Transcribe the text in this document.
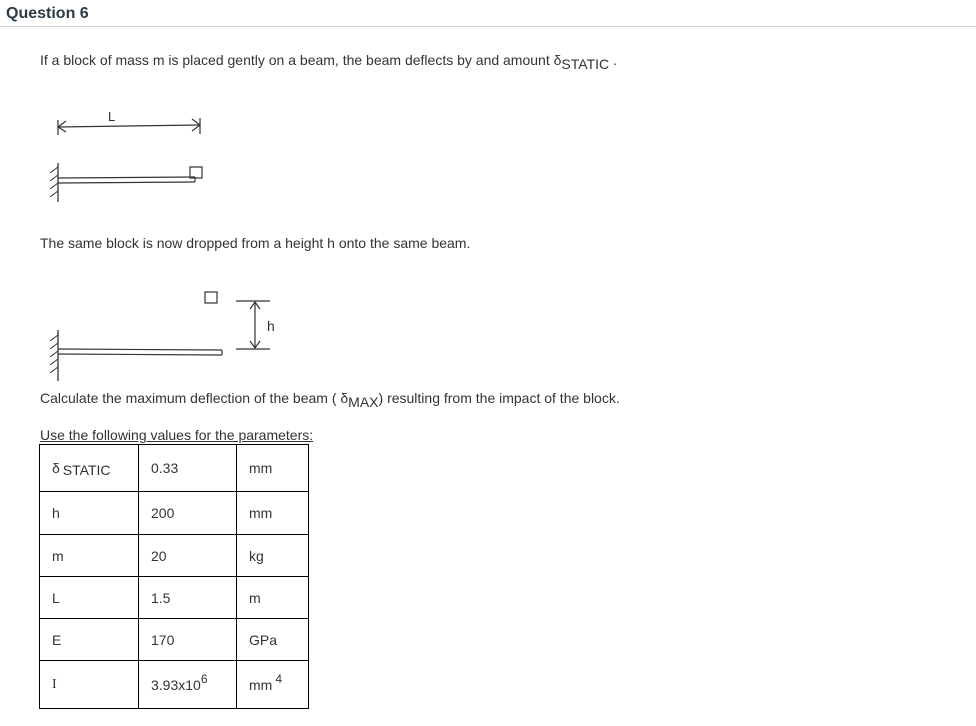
Question 6
If a block of mass m is placed gently on a beam, the beam deflects by and amount δSTATIC .
L
The same block is now dropped from a height h onto the same beam.
h
Calculate the maximum deflection of the beam ( δMAX) resulting from the impact of the block.
Use the following values for the parameters:
δ STATIC	0.33	mm
h	200	mm
m	20	kg
L	1.5	m
E	170	GPa
I	3.93x106	mm 4
